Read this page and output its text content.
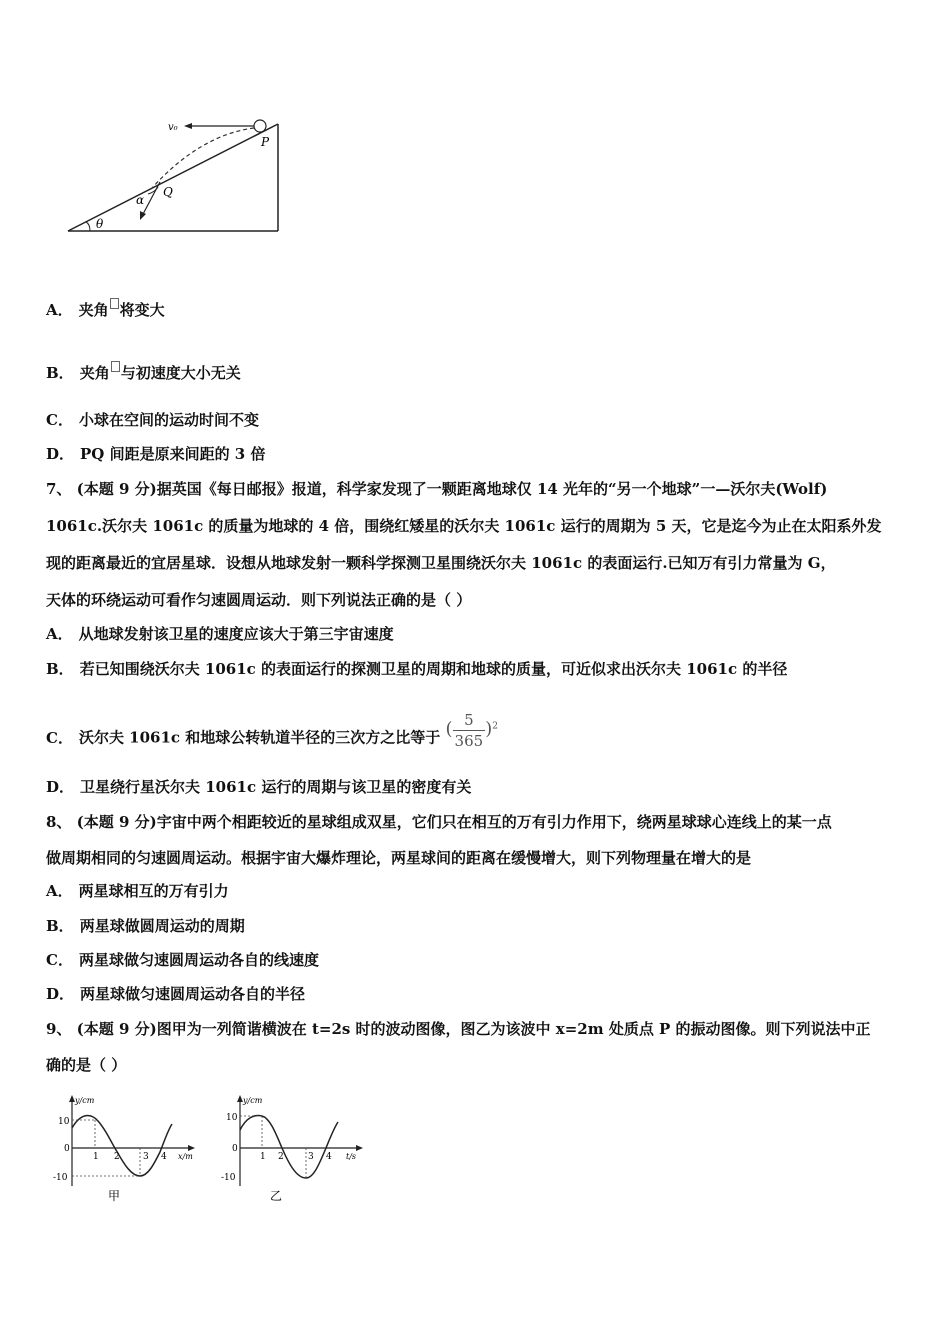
v₀
P
Q
α
θ
A． 夹角 将变大
B． 夹角 与初速度大小无关
C． 小球在空间的运动时间不变
D． PQ 间距是原来间距的 3 倍
7、 (本题 9 分)据英国《每日邮报》报道，科学家发现了一颗距离地球仅 14 光年的“另一个地球”一—沃尔夫(Wolf)
1061c.沃尔夫 1061c 的质量为地球的 4 倍，围绕红矮星的沃尔夫 1061c 运行的周期为 5 天，它是迄今为止在太阳系外发
现的距离最近的宜居星球．设想从地球发射一颗科学探测卫星围绕沃尔夫 1061c 的表面运行.已知万有引力常量为 G，
天体的环绕运动可看作匀速圆周运动．则下列说法正确的是（ ）
A． 从地球发射该卫星的速度应该大于第三宇宙速度
B． 若已知围绕沃尔夫 1061c 的表面运行的探测卫星的周期和地球的质量，可近似求出沃尔夫 1061c 的半径
C． 沃尔夫 1061c 和地球公转轨道半径的三次方之比等于 ( $\frac{5}{365} )^2$
D． 卫星绕行星沃尔夫 1061c 运行的周期与该卫星的密度有关
8、 (本题 9 分)宇宙中两个相距较近的星球组成双星，它们只在相互的万有引力作用下，绕两星球球心连线上的某一点
做周期相同的匀速圆周运动。根据宇宙大爆炸理论，两星球间的距离在缓慢增大，则下列物理量在增大的是
A． 两星球相互的万有引力
B． 两星球做圆周运动的周期
C． 两星球做匀速圆周运动各自的线速度
D． 两星球做匀速圆周运动各自的半径
9、 (本题 9 分)图甲为一列简谐横波在 t=2s 时的波动图像，图乙为该波中 x=2m 处质点 P 的振动图像。则下列说法中正
确的是（ ）
y/cm
x/m
10
0
-10
1 2	3 4
甲
y/cm
t/s
10
0
-10
1 2	3 4
乙
